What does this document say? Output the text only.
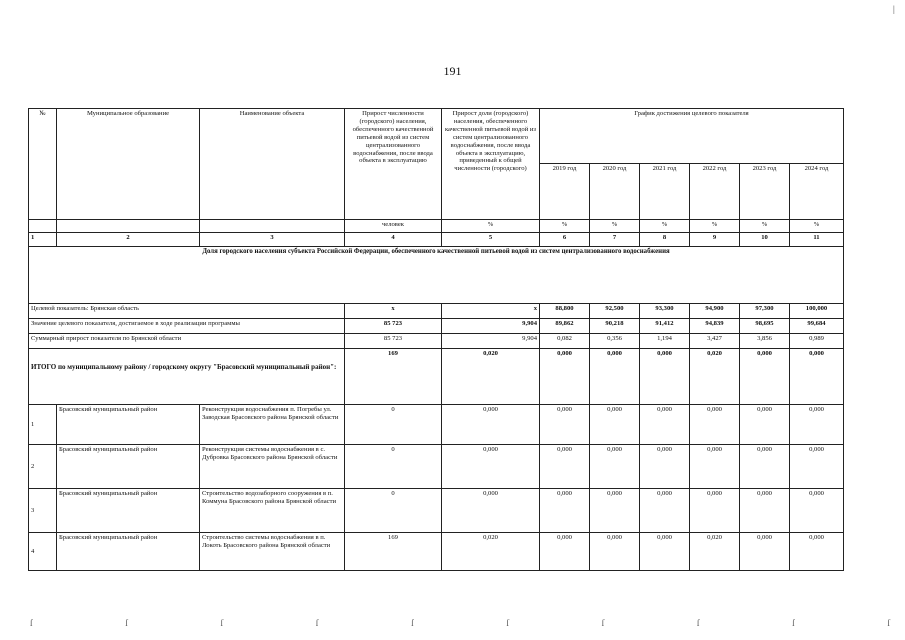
191
|
№	Муниципальное образование	Наименование объекта	Прирост численности (городского) населения, обеспеченного качественной питьевой водой из систем централизованного водоснабжения, после ввода объекта в эксплуатацию	Прирост доли (городского) населения, обеспеченного качественной питьевой водой из систем централизованного водоснабжения, после ввода объекта в эксплуатацию, приведенный к общей численности (городского)	График достижения целевого показателя					
					2019 год	2020 год	2021 год	2022 год	2023 год	2024 год
			человек	%	%	%	%	%	%	%
1	2	3	4	5	6	7	8	9	10	11
Доля городского населения субъекта Российской Федерации, обеспеченного качественной питьевой водой из систем централизованного водоснабжения										
Целевой показатель: Брянская область			x	x	88,800	92,500	93,300	94,900	97,300	100,000
Значение целевого показателя, достигаемое в ходе реализации программы			85 723	9,904	89,862	90,218	91,412	94,839	98,695	99,684
Суммарный прирост показателя по Брянской области			85 723	9,904	0,082	0,356	1,194	3,427	3,856	0,989
ИТОГО по муниципальному району / городскому округу "Брасовский муниципальный район":			169	0,020	0,000	0,000	0,000	0,020	0,000	0,000
1	Брасовский муниципальный район	Реконструкция водоснабжения п. Погребы ул. Заводская Брасовского района Брянской области	0	0,000	0,000	0,000	0,000	0,000	0,000	0,000
2	Брасовский муниципальный район	Реконструкция системы водоснабжения в с. Дубровка Брасовского района Брянской области	0	0,000	0,000	0,000	0,000	0,000	0,000	0,000
3	Брасовский муниципальный район	Строительство водозаборного сооружения в п. Коммуна Брасовского района Брянской области	0	0,000	0,000	0,000	0,000	0,000	0,000	0,000
4	Брасовский муниципальный район	Строительство системы водоснабжения в п. Локоть Брасовского района Брянской области	169	0,020	0,000	0,000	0,000	0,020	0,000	0,000
ſ	ſ	ſ	ſ	ſ	ſ	ſ	ſ	ſ	ſ
